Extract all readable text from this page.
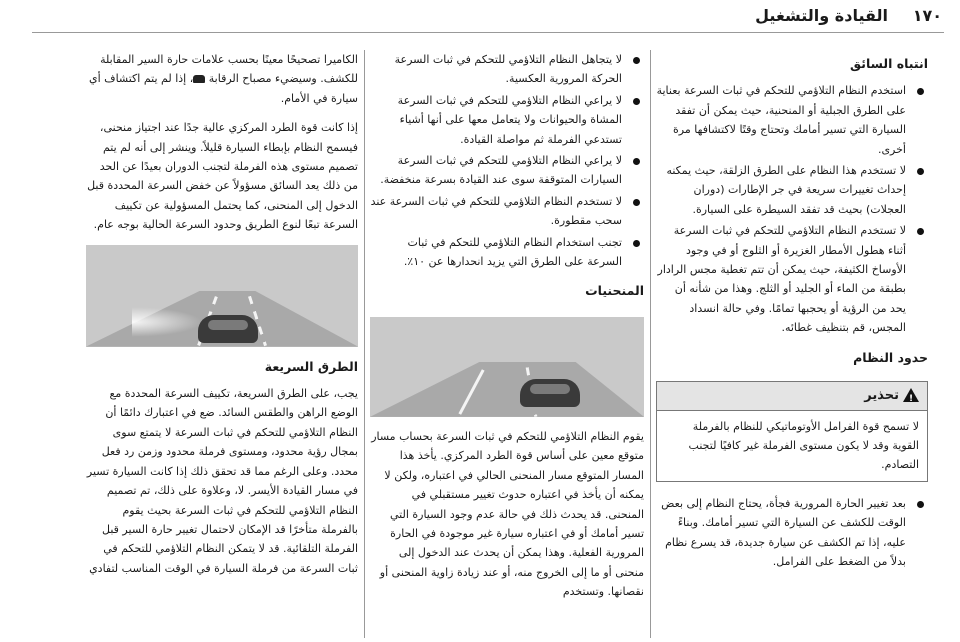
١٧٠
القيادة والتشغيل
انتباه السائق
استخدم النظام التلاؤمي للتحكم في ثبات السرعة بعناية على الطرق الجبلية أو المنحنية، حيث يمكن أن تفقد السيارة التي تسير أمامك وتحتاج وقتًا لاكتشافها مرة أخرى.
لا تستخدم هذا النظام على الطرق الزلقة، حيث يمكنه إحداث تغييرات سريعة في جر الإطارات (دوران العجلات) بحيث قد تفقد السيطرة على السيارة.
لا تستخدم النظام التلاؤمي للتحكم في ثبات السرعة أثناء هطول الأمطار الغزيرة أو الثلوج أو في وجود الأوساخ الكثيفة، حيث يمكن أن تتم تغطية مجس الرادار بطبقة من الماء أو الجليد أو الثلج. وهذا من شأنه أن يحد من الرؤية أو يحجبها تمامًا. وفي حالة انسداد المجس، قم بتنظيف غطائه.
حدود النظام
!
تحذير
لا تسمح قوة الفرامل الأوتوماتيكي للنظام بالفرملة القوية وقد لا يكون مستوى الفرملة غير كافيًا لتجنب التصادم.
بعد تغيير الحارة المرورية فجأة، يحتاج النظام إلى بعض الوقت للكشف عن السيارة التي تسير أمامك. وبناءً عليه، إذا تم الكشف عن سيارة جديدة، قد يسرع نظام بدلاً من الضغط على الفرامل.
لا يتجاهل النظام التلاؤمي للتحكم في ثبات السرعة الحركة المرورية العكسية.
لا يراعي النظام التلاؤمي للتحكم في ثبات السرعة المشاة والحيوانات ولا يتعامل معها على أنها أشياء تستدعي الفرملة ثم مواصلة القيادة.
لا يراعي النظام التلاؤمي للتحكم في ثبات السرعة السيارات المتوقفة سوى عند القيادة بسرعة منخفضة.
لا تستخدم النظام التلاؤمي للتحكم في ثبات السرعة عند سحب مقطورة.
تجنب استخدام النظام التلاؤمي للتحكم في ثبات السرعة على الطرق التي يزيد انحدارها عن ١٠٪.
المنحنيات

يقوم النظام التلاؤمي للتحكم في ثبات السرعة بحساب مسار متوقع معين على أساس قوة الطرد المركزي. يأخذ هذا المسار المتوقع مسار المنحنى الحالي في اعتباره، ولكن لا يمكنه أن يأخذ في اعتباره حدوث تغيير مستقبلي في المنحنى. قد يحدث ذلك في حالة عدم وجود السيارة التي تسير أمامك أو في اعتباره سيارة غير موجودة في الحارة المرورية الفعلية. وهذا يمكن أن يحدث عند الدخول إلى منحنى أو ما إلى الخروج منه، أو عند زيادة زاوية المنحنى أو نقصانها. وتستخدم

الكاميرا تصحيحًا معينًا بحسب علامات حارة السير المقابلة للكشف. وسيضيء مصباح الرقابة ، إذا لم يتم اكتشاف أي سيارة في الأمام.

إذا كانت قوة الطرد المركزي عالية جدًا عند اجتياز منحنى، فيسمح النظام بإبطاء السيارة قليلاً. وينشر إلى أنه لم يتم تصميم مستوى هذه الفرملة لتجنب الدوران بعيدًا عن الحد من ذلك يعد السائق مسؤولاً عن خفض السرعة المحددة قبل الدخول إلى المنحنى، كما يحتمل المسؤولية عن تكييف السرعة تبعًا لنوع الطريق وحدود السرعة الحالية بوجه عام.

الطرق السريعة

يجب، على الطرق السريعة، تكييف السرعة المحددة مع الوضع الراهن والطقس السائد. ضع في اعتبارك دائمًا أن النظام التلاؤمي للتحكم في ثبات السرعة لا يتمتع سوى بمجال رؤية محدود، ومستوى فرملة محدود وزمن رد فعل محدد. وعلى الرغم مما قد تحقق ذلك إذا كانت السيارة تسير في مسار القيادة الأيسر. لا، وعلاوة على ذلك، تم تصميم النظام التلاؤمي للتحكم في ثبات السرعة بحيث يقوم بالفرملة متأخرًا قد الإمكان لاحتمال تغيير حارة السير قبل الفرملة التلقائية. قد لا يتمكن النظام التلاؤمي للتحكم في ثبات السرعة من فرملة السيارة في الوقت المناسب لتفادي
